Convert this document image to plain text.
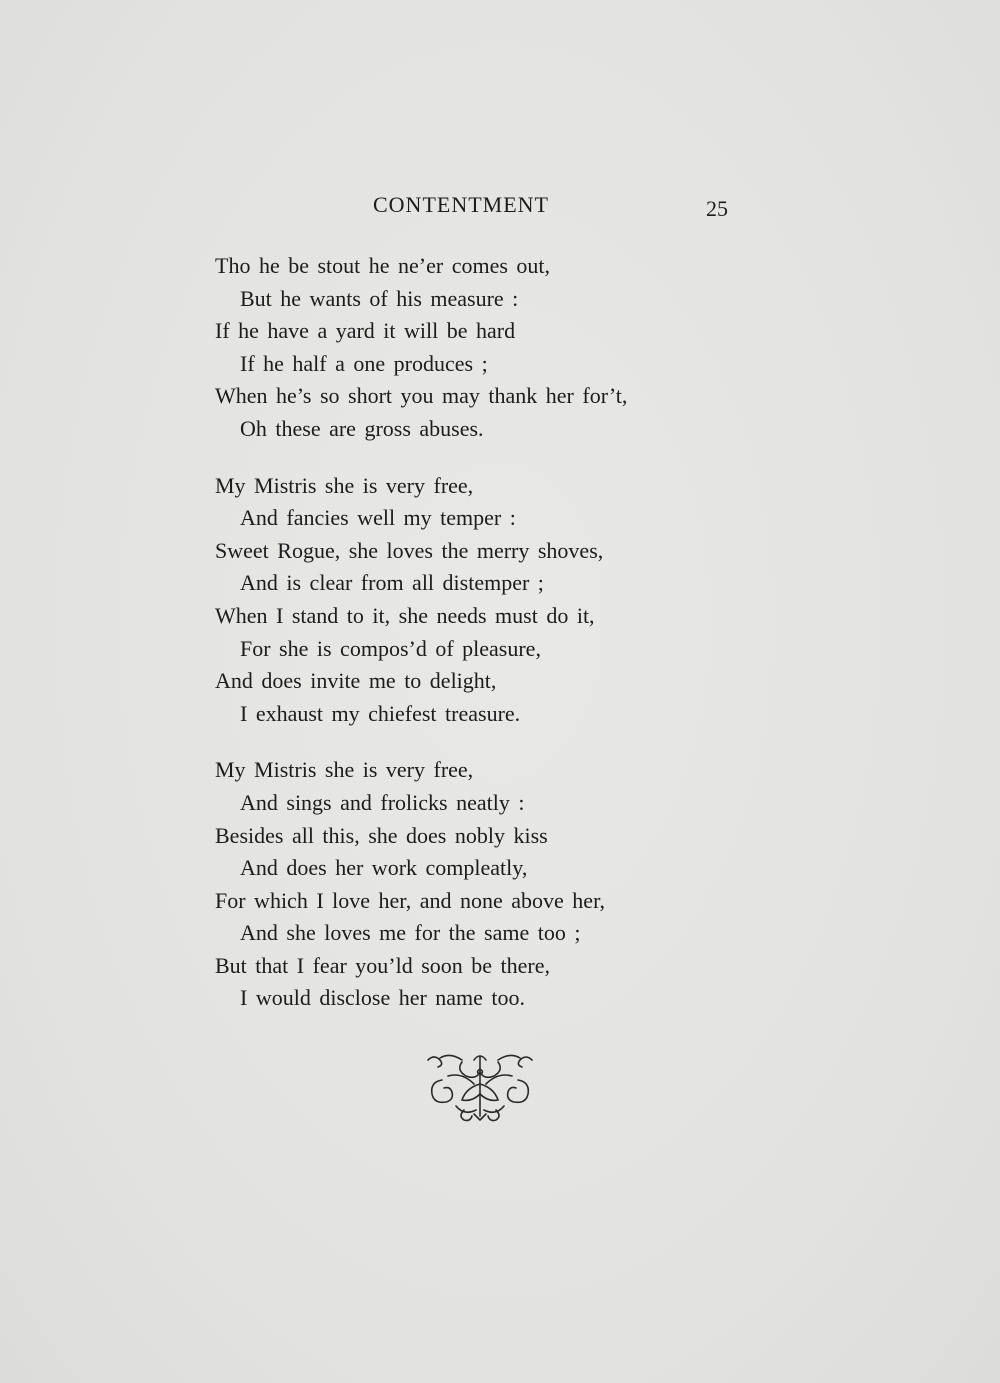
CONTENTMENT	25
Tho he be stout he ne’er comes out,
But he wants of his measure :
If he have a yard it will be hard
If he half a one produces ;
When he’s so short you may thank her for’t,
Oh these are gross abuses.
My Mistris she is very free,
And fancies well my temper :
Sweet Rogue, she loves the merry shoves,
And is clear from all distemper ;
When I stand to it, she needs must do it,
For she is compos’d of pleasure,
And does invite me to delight,
I exhaust my chiefest treasure.
My Mistris she is very free,
And sings and frolicks neatly :
Besides all this, she does nobly kiss
And does her work compleatly,
For which I love her, and none above her,
And she loves me for the same too ;
But that I fear you’ld soon be there,
I would disclose her name too.
